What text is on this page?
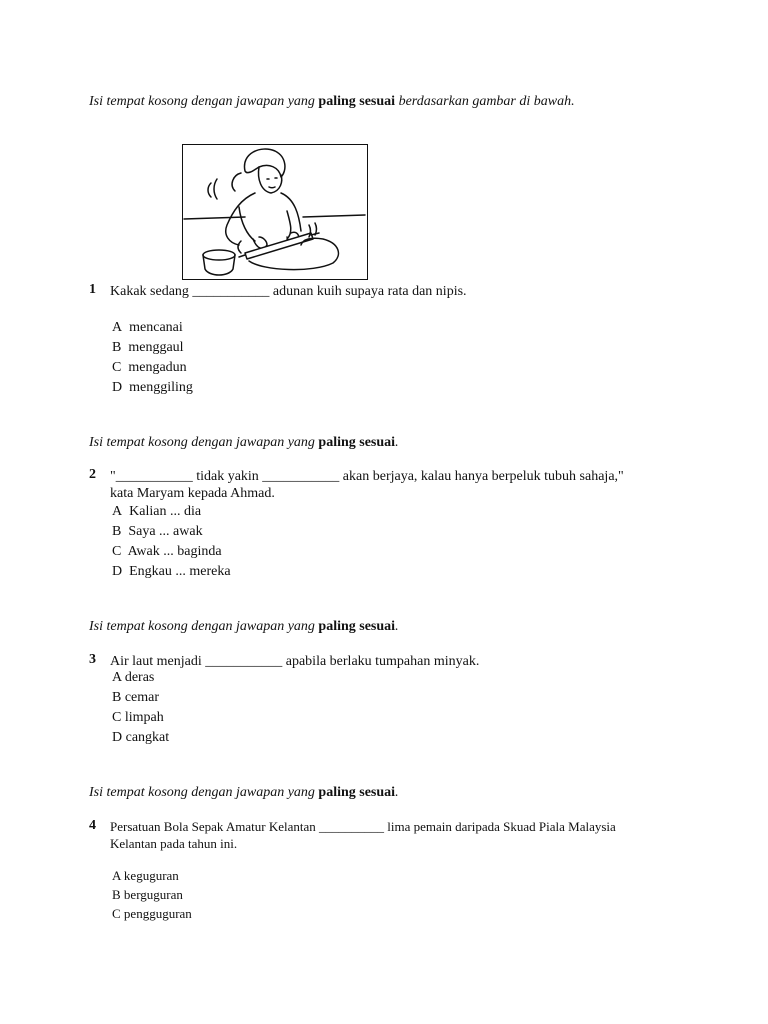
Isi tempat kosong dengan jawapan yang paling sesuai berdasarkan gambar di bawah.
1 Kakak sedang ___________ adunan kuih supaya rata dan nipis.
A mencanai
B menggaul
C mengadun
D menggiling
Isi tempat kosong dengan jawapan yang paling sesuai.
2 "___________ tidak yakin ___________ akan berjaya, kalau hanya berpeluk tubuh sahaja,"
kata Maryam kepada Ahmad.
A Kalian ... dia
B Saya ... awak
C Awak ... baginda
D Engkau ... mereka
Isi tempat kosong dengan jawapan yang paling sesuai.
3 Air laut menjadi ___________ apabila berlaku tumpahan minyak.
A deras
B cemar
C limpah
D cangkat
Isi tempat kosong dengan jawapan yang paling sesuai.
4 Persatuan Bola Sepak Amatur Kelantan __________ lima pemain daripada Skuad Piala Malaysia
Kelantan pada tahun ini.
A keguguran
B berguguran
C pengguguran
